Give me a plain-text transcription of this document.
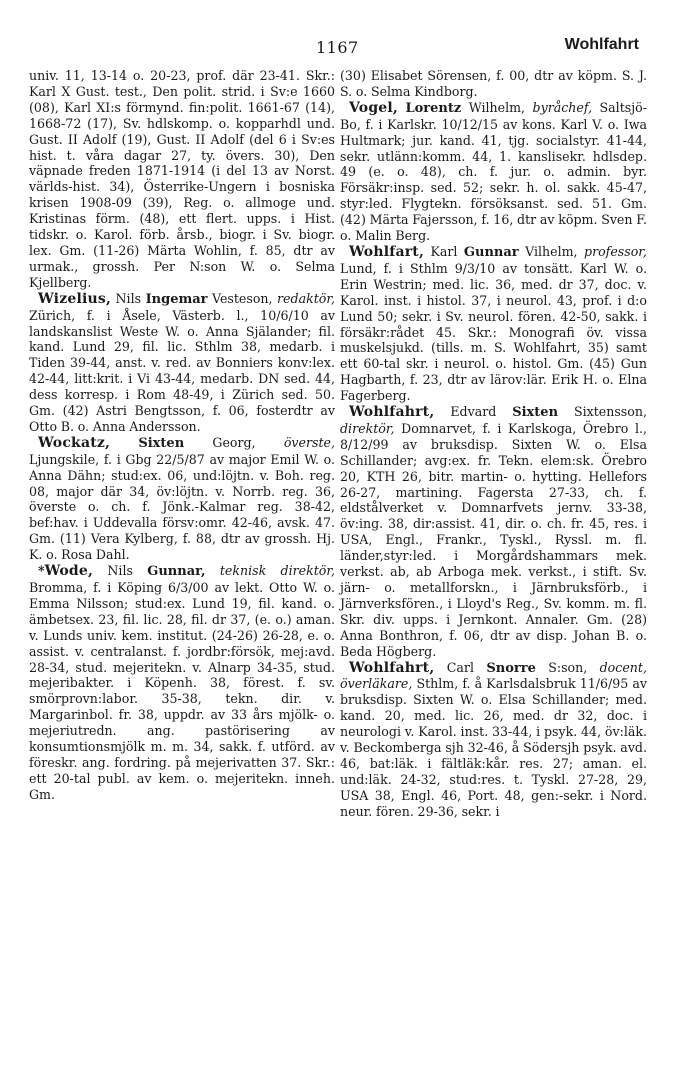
1167	Wohlfahrt

univ. 11, 13-14 o. 20-23, prof. där 23-41. Skr.: Karl X Gust. test., Den polit. strid. i Sv:e 1660 (08), Karl XI:s förmynd. fin:polit. 1661-67 (14), 1668-72 (17), Sv. hdlskomp. o. kopparhdl und. Gust. II Adolf (19), Gust. II Adolf (del 6 i Sv:es hist. t. våra dagar 27, ty. övers. 30), Den väpnade freden 1871-1914 (i del 13 av Norst. världs-hist. 34), Österrike-Ungern i bosniska krisen 1908-09 (39), Reg. o. allmoge und. Kristinas förm. (48), ett flert. upps. i Hist. tidskr. o. Karol. förb. årsb., biogr. i Sv. biogr. lex. Gm. (11-26) Märta Wohlin, f. 85, dtr av urmak., grossh. Per N:son W. o. Selma Kjellberg.

Wizelius, Nils Ingemar Vesteson, redaktör, Zürich, f. i Åsele, Västerb. l., 10/6/10 av landskanslist Weste W. o. Anna Själander; fil. kand. Lund 29, fil. lic. Sthlm 38, medarb. i Tiden 39-44, anst. v. red. av Bonniers konv:lex. 42-44, litt:krit. i Vi 43-44, medarb. DN sed. 44, dess korresp. i Rom 48-49, i Zürich sed. 50. Gm. (42) Astri Bengtsson, f. 06, fosterdtr av Otto B. o. Anna Andersson.

Wockatz, Sixten Georg, överste, Ljungskile, f. i Gbg 22/5/87 av major Emil W. o. Anna Dähn; stud:ex. 06, und:löjtn. v. Boh. reg. 08, major där 34, öv:löjtn. v. Norrb. reg. 36, överste o. ch. f. Jönk.-Kalmar reg. 38-42, bef:hav. i Uddevalla försv:omr. 42-46, avsk. 47. Gm. (11) Vera Kylberg, f. 88, dtr av grossh. Hj. K. o. Rosa Dahl.

*Wode, Nils Gunnar, teknisk direktör, Bromma, f. i Köping 6/3/00 av lekt. Otto W. o. Emma Nilsson; stud:ex. Lund 19, fil. kand. o. ämbetsex. 23, fil. lic. 28, fil. dr 37, (e. o.) aman. v. Lunds univ. kem. institut. (24-26) 26-28, e. o. assist. v. centralanst. f. jordbr:försök, mej:avd. 28-34, stud. mejeritekn. v. Alnarp 34-35, stud. mejeribakter. i Köpenh. 38, förest. f. sv. smörprovn:labor. 35-38, tekn. dir. v. Margarinbol. fr. 38, uppdr. av 33 års mjölk- o. mejeriutredn. ang. pastörisering av konsumtionsmjölk m. m. 34, sakk. f. utförd. av föreskr. ang. fordring. på mejerivatten 37. Skr.: ett 20-tal publ. av kem. o. mejeritekn. inneh. Gm.

(30) Elisabet Sörensen, f. 00, dtr av köpm. S. J. S. o. Selma Kindborg.

Vogel, Lorentz Wilhelm, byråchef, Saltsjö-Bo, f. i Karlskr. 10/12/15 av kons. Karl V. o. Iwa Hultmark; jur. kand. 41, tjg. socialstyr. 41-44, sekr. utlänn:komm. 44, 1. kanslisekr. hdlsdep. 49 (e. o. 48), ch. f. jur. o. admin. byr. Försäkr:insp. sed. 52; sekr. h. ol. sakk. 45-47, styr:led. Flygtekn. försöksanst. sed. 51. Gm. (42) Märta Fajersson, f. 16, dtr av köpm. Sven F. o. Malin Berg.

Wohlfart, Karl Gunnar Vilhelm, professor, Lund, f. i Sthlm 9/3/10 av tonsätt. Karl W. o. Erin Westrin; med. lic. 36, med. dr 37, doc. v. Karol. inst. i histol. 37, i neurol. 43, prof. i d:o Lund 50; sekr. i Sv. neurol. fören. 42-50, sakk. i försäkr:rådet 45. Skr.: Monografi öv. vissa muskelsjukd. (tills. m. S. Wohlfahrt, 35) samt ett 60-tal skr. i neurol. o. histol. Gm. (45) Gun Hagbarth, f. 23, dtr av lärov:lär. Erik H. o. Elna Fagerberg.

Wohlfahrt, Edvard Sixten Sixtensson, direktör, Domnarvet, f. i Karlskoga, Örebro l., 8/12/99 av bruksdisp. Sixten W. o. Elsa Schillander; avg:ex. fr. Tekn. elem:sk. Örebro 20, KTH 26, bitr. martin- o. hytting. Hellefors 26-27, martining. Fagersta 27-33, ch. f. eldstålverket v. Domnarfvets jernv. 33-38, öv:ing. 38, dir:assist. 41, dir. o. ch. fr. 45, res. i USA, Engl., Frankr., Tyskl., Ryssl. m. fl. länder,styr:led. i Morgårdshammars mek. verkst. ab, ab Arboga mek. verkst., i stift. Sv. järn- o. metallforskn., i Järnbruksförb., i Järnverksfören., i Lloyd's Reg., Sv. komm. m. fl. Skr. div. upps. i Jernkont. Annaler. Gm. (28) Anna Bonthron, f. 06, dtr av disp. Johan B. o. Beda Högberg.

Wohlfahrt, Carl Snorre S:son, docent, överläkare, Sthlm, f. å Karlsdalsbruk 11/6/95 av bruksdisp. Sixten W. o. Elsa Schillander; med. kand. 20, med. lic. 26, med. dr 32, doc. i neurologi v. Karol. inst. 33-44, i psyk. 44, öv:läk. v. Beckomberga sjh 32-46, å Södersjh psyk. avd. 46, bat:läk. i fältläk:kår. res. 27; aman. el. und:läk. 24-32, stud:res. t. Tyskl. 27-28, 29, USA 38, Engl. 46, Port. 48, gen:-sekr. i Nord. neur. fören. 29-36, sekr. i
